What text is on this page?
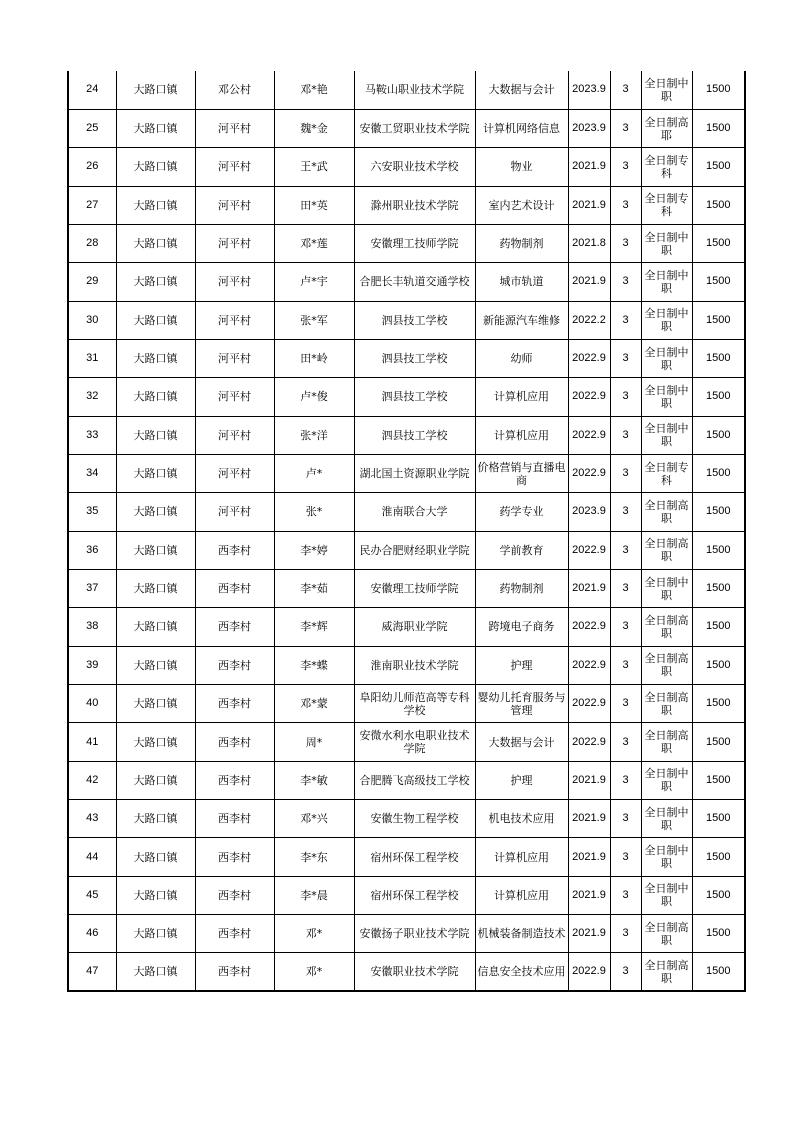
24	大路口镇	邓公村	邓*艳	马鞍山职业技术学院	大数据与会计	2023.9	3	全日制中职	1500
25	大路口镇	河平村	魏*金	安徽工贸职业技术学院	计算机网络信息	2023.9	3	全日制高耶	1500
26	大路口镇	河平村	王*武	六安职业技术学校	物业	2021.9	3	全日制专科	1500
27	大路口镇	河平村	田*英	滁州职业技术学院	室内艺术设计	2021.9	3	全日制专科	1500
28	大路口镇	河平村	邓*莲	安徽理工技师学院	药物制剂	2021.8	3	全日制中职	1500
29	大路口镇	河平村	卢*宇	合肥长丰轨道交通学校	城市轨道	2021.9	3	全日制中职	1500
30	大路口镇	河平村	张*军	泗县技工学校	新能源汽车维修	2022.2	3	全日制中职	1500
31	大路口镇	河平村	田*岭	泗县技工学校	幼师	2022.9	3	全日制中职	1500
32	大路口镇	河平村	卢*俊	泗县技工学校	计算机应用	2022.9	3	全日制中职	1500
33	大路口镇	河平村	张*洋	泗县技工学校	计算机应用	2022.9	3	全日制中职	1500
34	大路口镇	河平村	卢*	湖北国土资源职业学院	价格营销与直播电商	2022.9	3	全日制专科	1500
35	大路口镇	河平村	张*	淮南联合大学	药学专业	2023.9	3	全日制高职	1500
36	大路口镇	西李村	李*婷	民办合肥财经职业学院	学前教育	2022.9	3	全日制高职	1500
37	大路口镇	西李村	李*茹	安徽理工技师学院	药物制剂	2021.9	3	全日制中职	1500
38	大路口镇	西李村	李*辉	威海职业学院	跨境电子商务	2022.9	3	全日制高职	1500
39	大路口镇	西李村	李*蝶	淮南职业技术学院	护理	2022.9	3	全日制高职	1500
40	大路口镇	西李村	邓*蒙	阜阳幼儿师范高等专科学校	婴幼儿托育服务与管理	2022.9	3	全日制高职	1500
41	大路口镇	西李村	周*	安微水利水电职业技术学院	大数据与会计	2022.9	3	全日制高职	1500
42	大路口镇	西李村	李*敏	合肥腾飞高级技工学校	护理	2021.9	3	全日制中职	1500
43	大路口镇	西李村	邓*兴	安徽生物工程学校	机电技术应用	2021.9	3	全日制中职	1500
44	大路口镇	西李村	李*东	宿州环保工程学校	计算机应用	2021.9	3	全日制中职	1500
45	大路口镇	西李村	李*晨	宿州环保工程学校	计算机应用	2021.9	3	全日制中职	1500
46	大路口镇	西李村	邓*	安徽扬子职业技术学院	机械装备制造技术	2021.9	3	全日制高职	1500
47	大路口镇	西李村	邓*	安徽职业技术学院	信息安全技术应用	2022.9	3	全日制高职	1500
